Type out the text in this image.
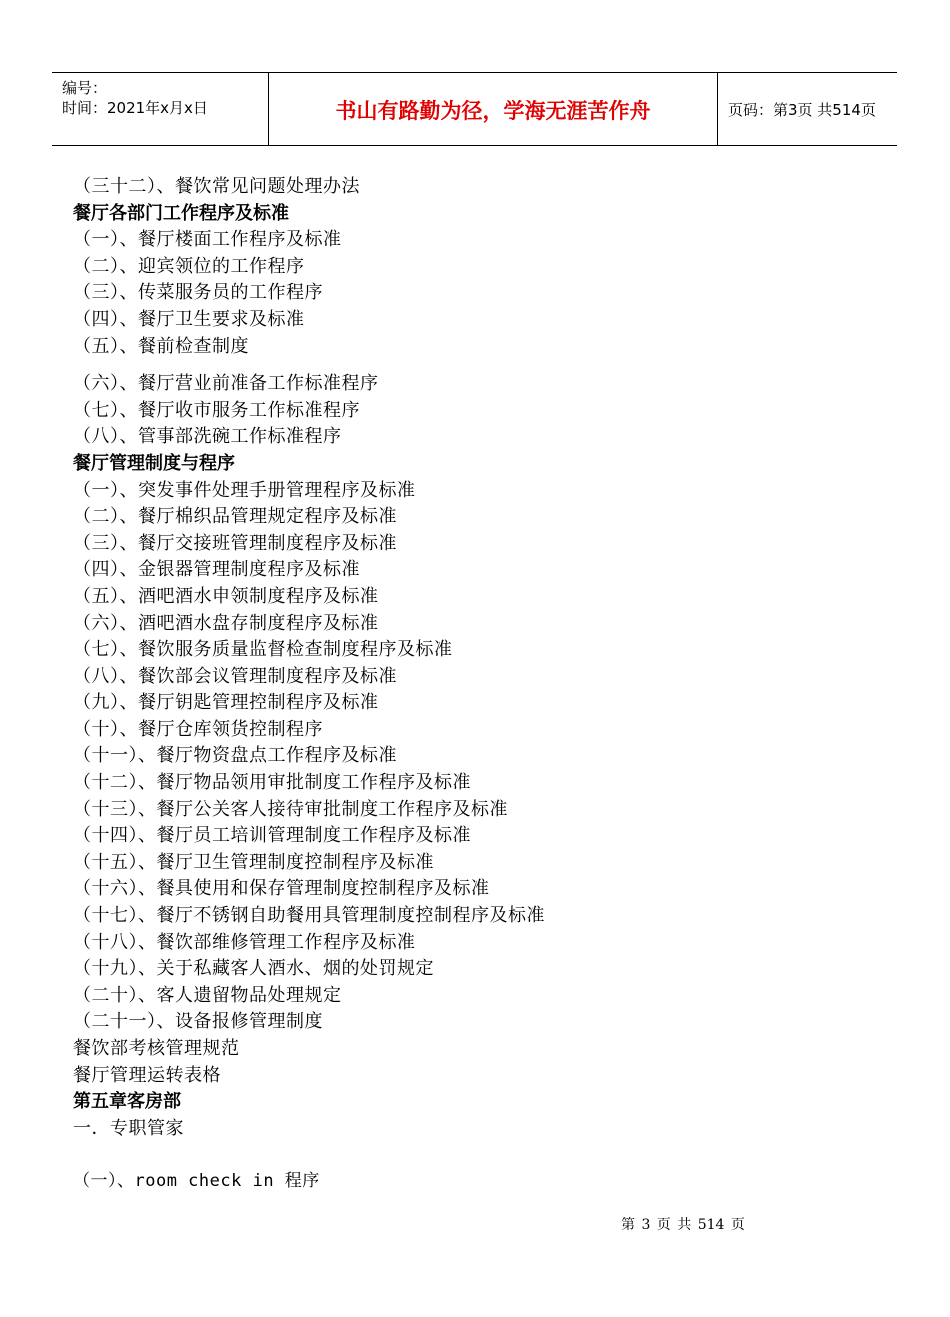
编号：
时间：2021年x月x日	书山有路勤为径，学海无涯苦作舟	页码：第3页 共514页
（三十二）、餐饮常见问题处理办法
餐厅各部门工作程序及标准
（一）、餐厅楼面工作程序及标准
（二）、迎宾领位的工作程序
（三）、传菜服务员的工作程序
（四）、餐厅卫生要求及标准
（五）、餐前检查制度
（六）、餐厅营业前准备工作标准程序
（七）、餐厅收市服务工作标准程序
（八）、管事部洗碗工作标准程序
餐厅管理制度与程序
（一）、突发事件处理手册管理程序及标准
（二）、餐厅棉织品管理规定程序及标准
（三）、餐厅交接班管理制度程序及标准
（四）、金银器管理制度程序及标准
（五）、酒吧酒水申领制度程序及标准
（六）、酒吧酒水盘存制度程序及标准
（七）、餐饮服务质量监督检查制度程序及标准
（八）、餐饮部会议管理制度程序及标准
（九）、餐厅钥匙管理控制程序及标准
（十）、餐厅仓库领货控制程序
（十一）、餐厅物资盘点工作程序及标准
（十二）、餐厅物品领用审批制度工作程序及标准
（十三）、餐厅公关客人接待审批制度工作程序及标准
（十四）、餐厅员工培训管理制度工作程序及标准
（十五）、餐厅卫生管理制度控制程序及标准
（十六）、餐具使用和保存管理制度控制程序及标准
（十七）、餐厅不锈钢自助餐用具管理制度控制程序及标准
（十八）、餐饮部维修管理工作程序及标准
（十九）、关于私藏客人酒水、烟的处罚规定
（二十）、客人遗留物品处理规定
（二十一）、设备报修管理制度
餐饮部考核管理规范
餐厅管理运转表格
第五章客房部
一．专职管家
（一）、room check in 程序
第 3 页 共 514 页
